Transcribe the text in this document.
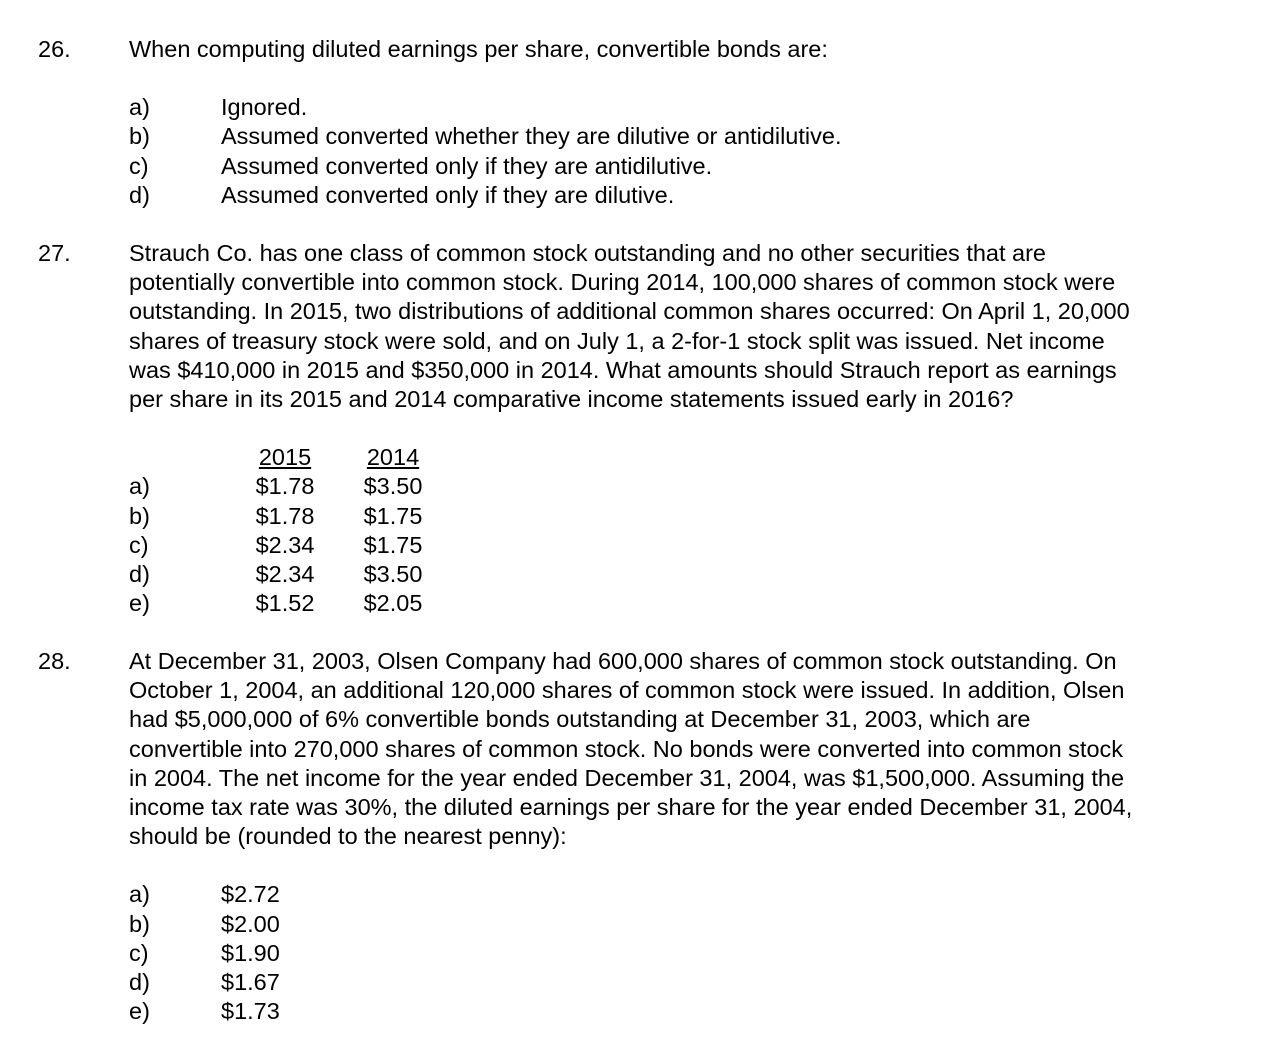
26. When computing diluted earnings per share, convertible bonds are:
a)	Ignored.
b)	Assumed converted whether they are dilutive or antidilutive.
c)	Assumed converted only if they are antidilutive.
d)	Assumed converted only if they are dilutive.
27. Strauch Co. has one class of common stock outstanding and no other securities that are
potentially convertible into common stock. During 2014, 100,000 shares of common stock were
outstanding. In 2015, two distributions of additional common shares occurred: On April 1, 20,000
shares of treasury stock were sold, and on July 1, a 2-for-1 stock split was issued. Net income
was $410,000 in 2015 and $350,000 in 2014. What amounts should Strauch report as earnings
per share in its 2015 and 2014 comparative income statements issued early in 2016?
2015	2014
a)	$1.78	$3.50
b)	$1.78	$1.75
c)	$2.34	$1.75
d)	$2.34	$3.50
e)	$1.52	$2.05
28. At December 31, 2003, Olsen Company had 600,000 shares of common stock outstanding. On
October 1, 2004, an additional 120,000 shares of common stock were issued. In addition, Olsen
had $5,000,000 of 6% convertible bonds outstanding at December 31, 2003, which are
convertible into 270,000 shares of common stock. No bonds were converted into common stock
in 2004. The net income for the year ended December 31, 2004, was $1,500,000. Assuming the
income tax rate was 30%, the diluted earnings per share for the year ended December 31, 2004,
should be (rounded to the nearest penny):
a)	$2.72
b)	$2.00
c)	$1.90
d)	$1.67
e)	$1.73
